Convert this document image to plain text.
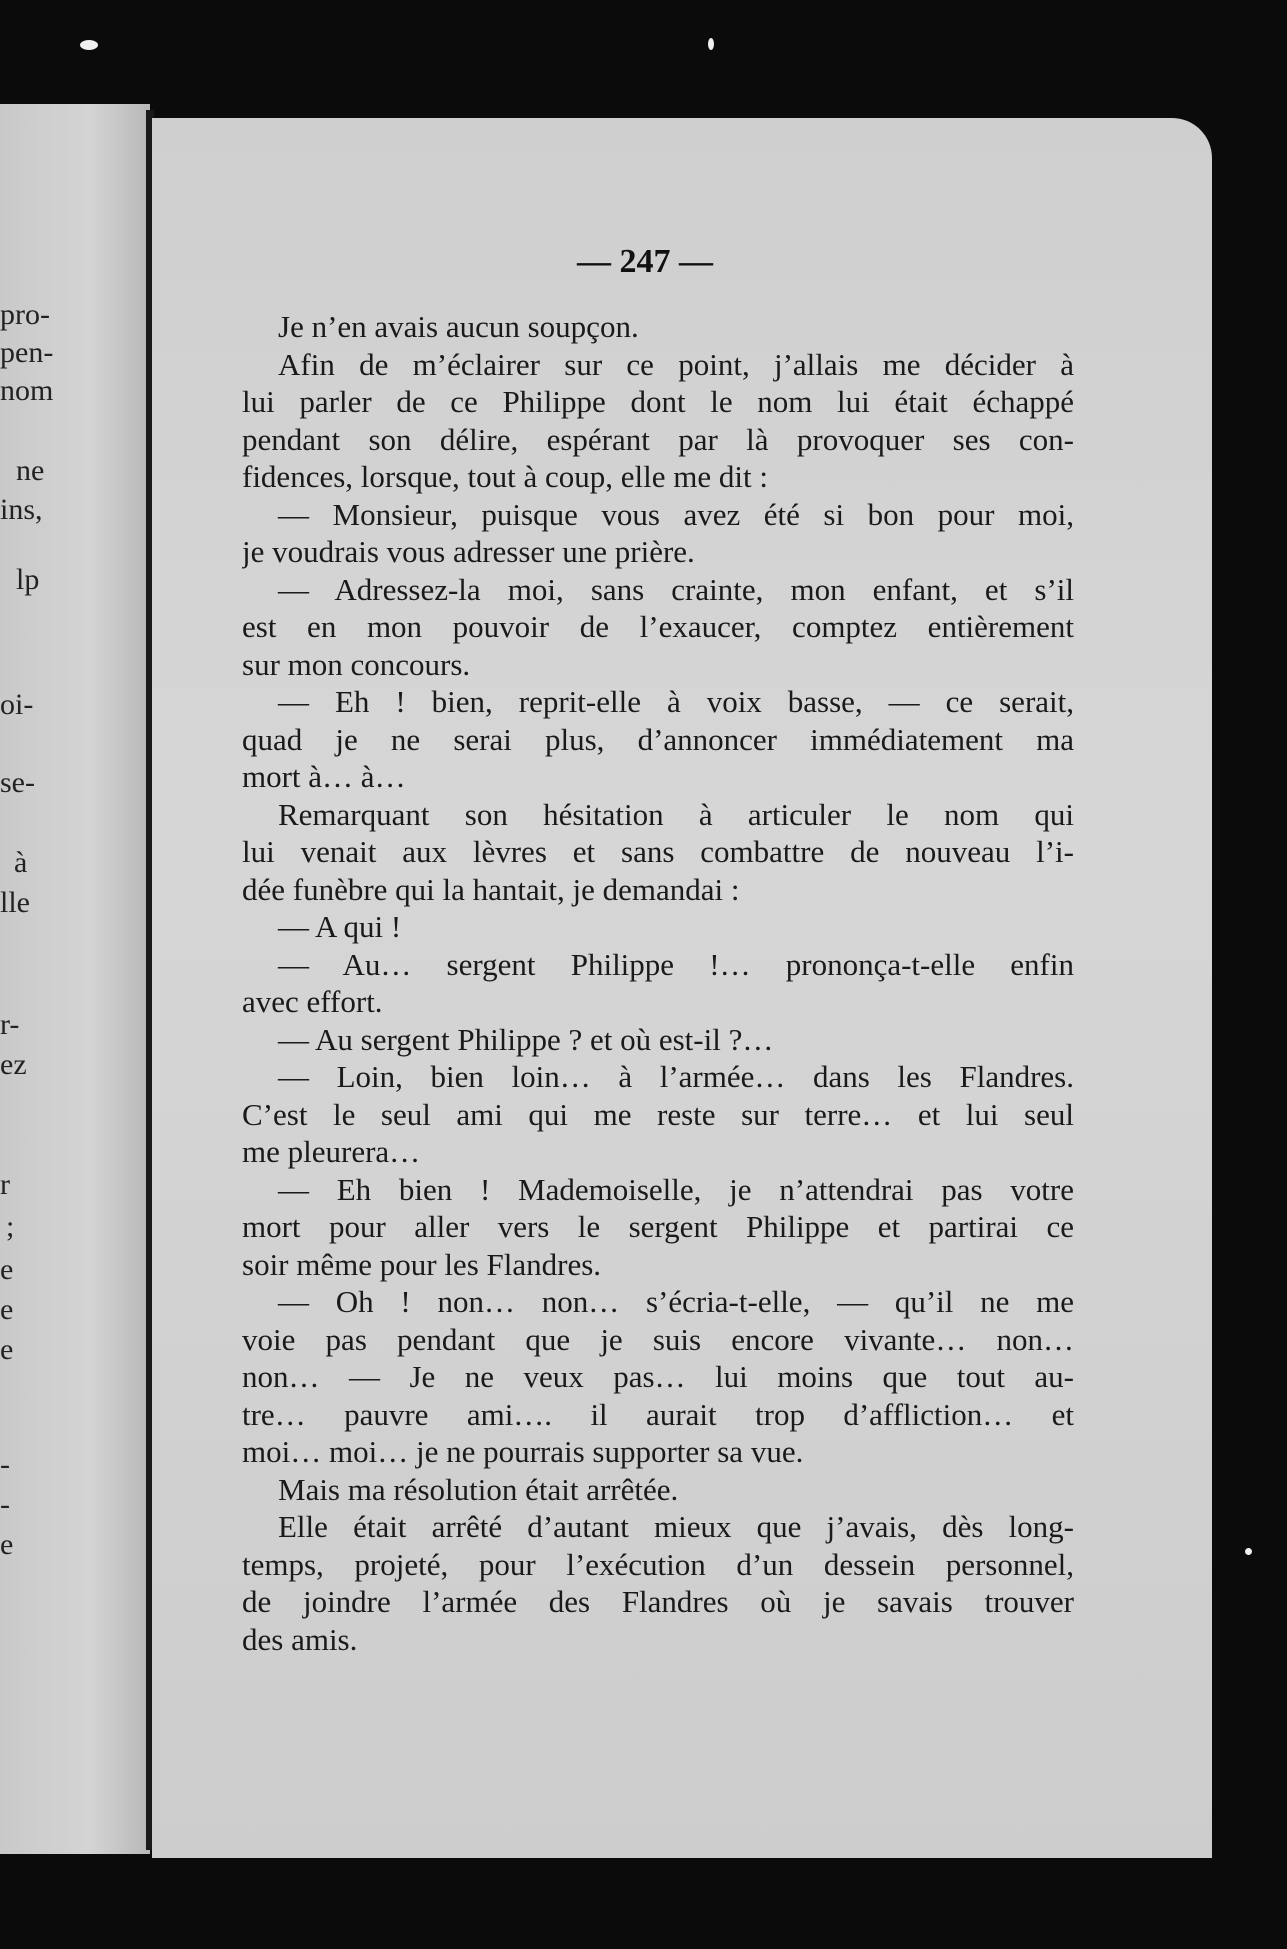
— 247 —
pro-
pen-
nom
ne
ins,
lp
oi-
se-
à
lle
r-
ez
r
;
e
e
e
-
-
e
Je n’en avais aucun soupçon.
Afin de m’éclairer sur ce point, j’allais me décider à
lui parler de ce Philippe dont le nom lui était échappé
pendant son délire, espérant par là provoquer ses con-
fidences, lorsque, tout à coup, elle me dit :
— Monsieur, puisque vous avez été si bon pour moi,
je voudrais vous adresser une prière.
— Adressez-la moi, sans crainte, mon enfant, et s’il
est en mon pouvoir de l’exaucer, comptez entièrement
sur mon concours.
— Eh ! bien, reprit-elle à voix basse, — ce serait,
quad je ne serai plus, d’annoncer immédiatement ma
mort à… à…
Remarquant son hésitation à articuler le nom qui
lui venait aux lèvres et sans combattre de nouveau l’i-
dée funèbre qui la hantait, je demandai :
— A qui !
— Au… sergent Philippe !… prononça-t-elle enfin
avec effort.
— Au sergent Philippe ? et où est-il ?…
— Loin, bien loin… à l’armée… dans les Flandres.
C’est le seul ami qui me reste sur terre… et lui seul
me pleurera…
— Eh bien ! Mademoiselle, je n’attendrai pas votre
mort pour aller vers le sergent Philippe et partirai ce
soir même pour les Flandres.
— Oh ! non… non… s’écria-t-elle, — qu’il ne me
voie pas pendant que je suis encore vivante… non…
non… — Je ne veux pas… lui moins que tout au-
tre… pauvre ami…. il aurait trop d’affliction… et
moi… moi… je ne pourrais supporter sa vue.
Mais ma résolution était arrêtée.
Elle était arrêté d’autant mieux que j’avais, dès long-
temps, projeté, pour l’exécution d’un dessein personnel,
de joindre l’armée des Flandres où je savais trouver
des amis.
